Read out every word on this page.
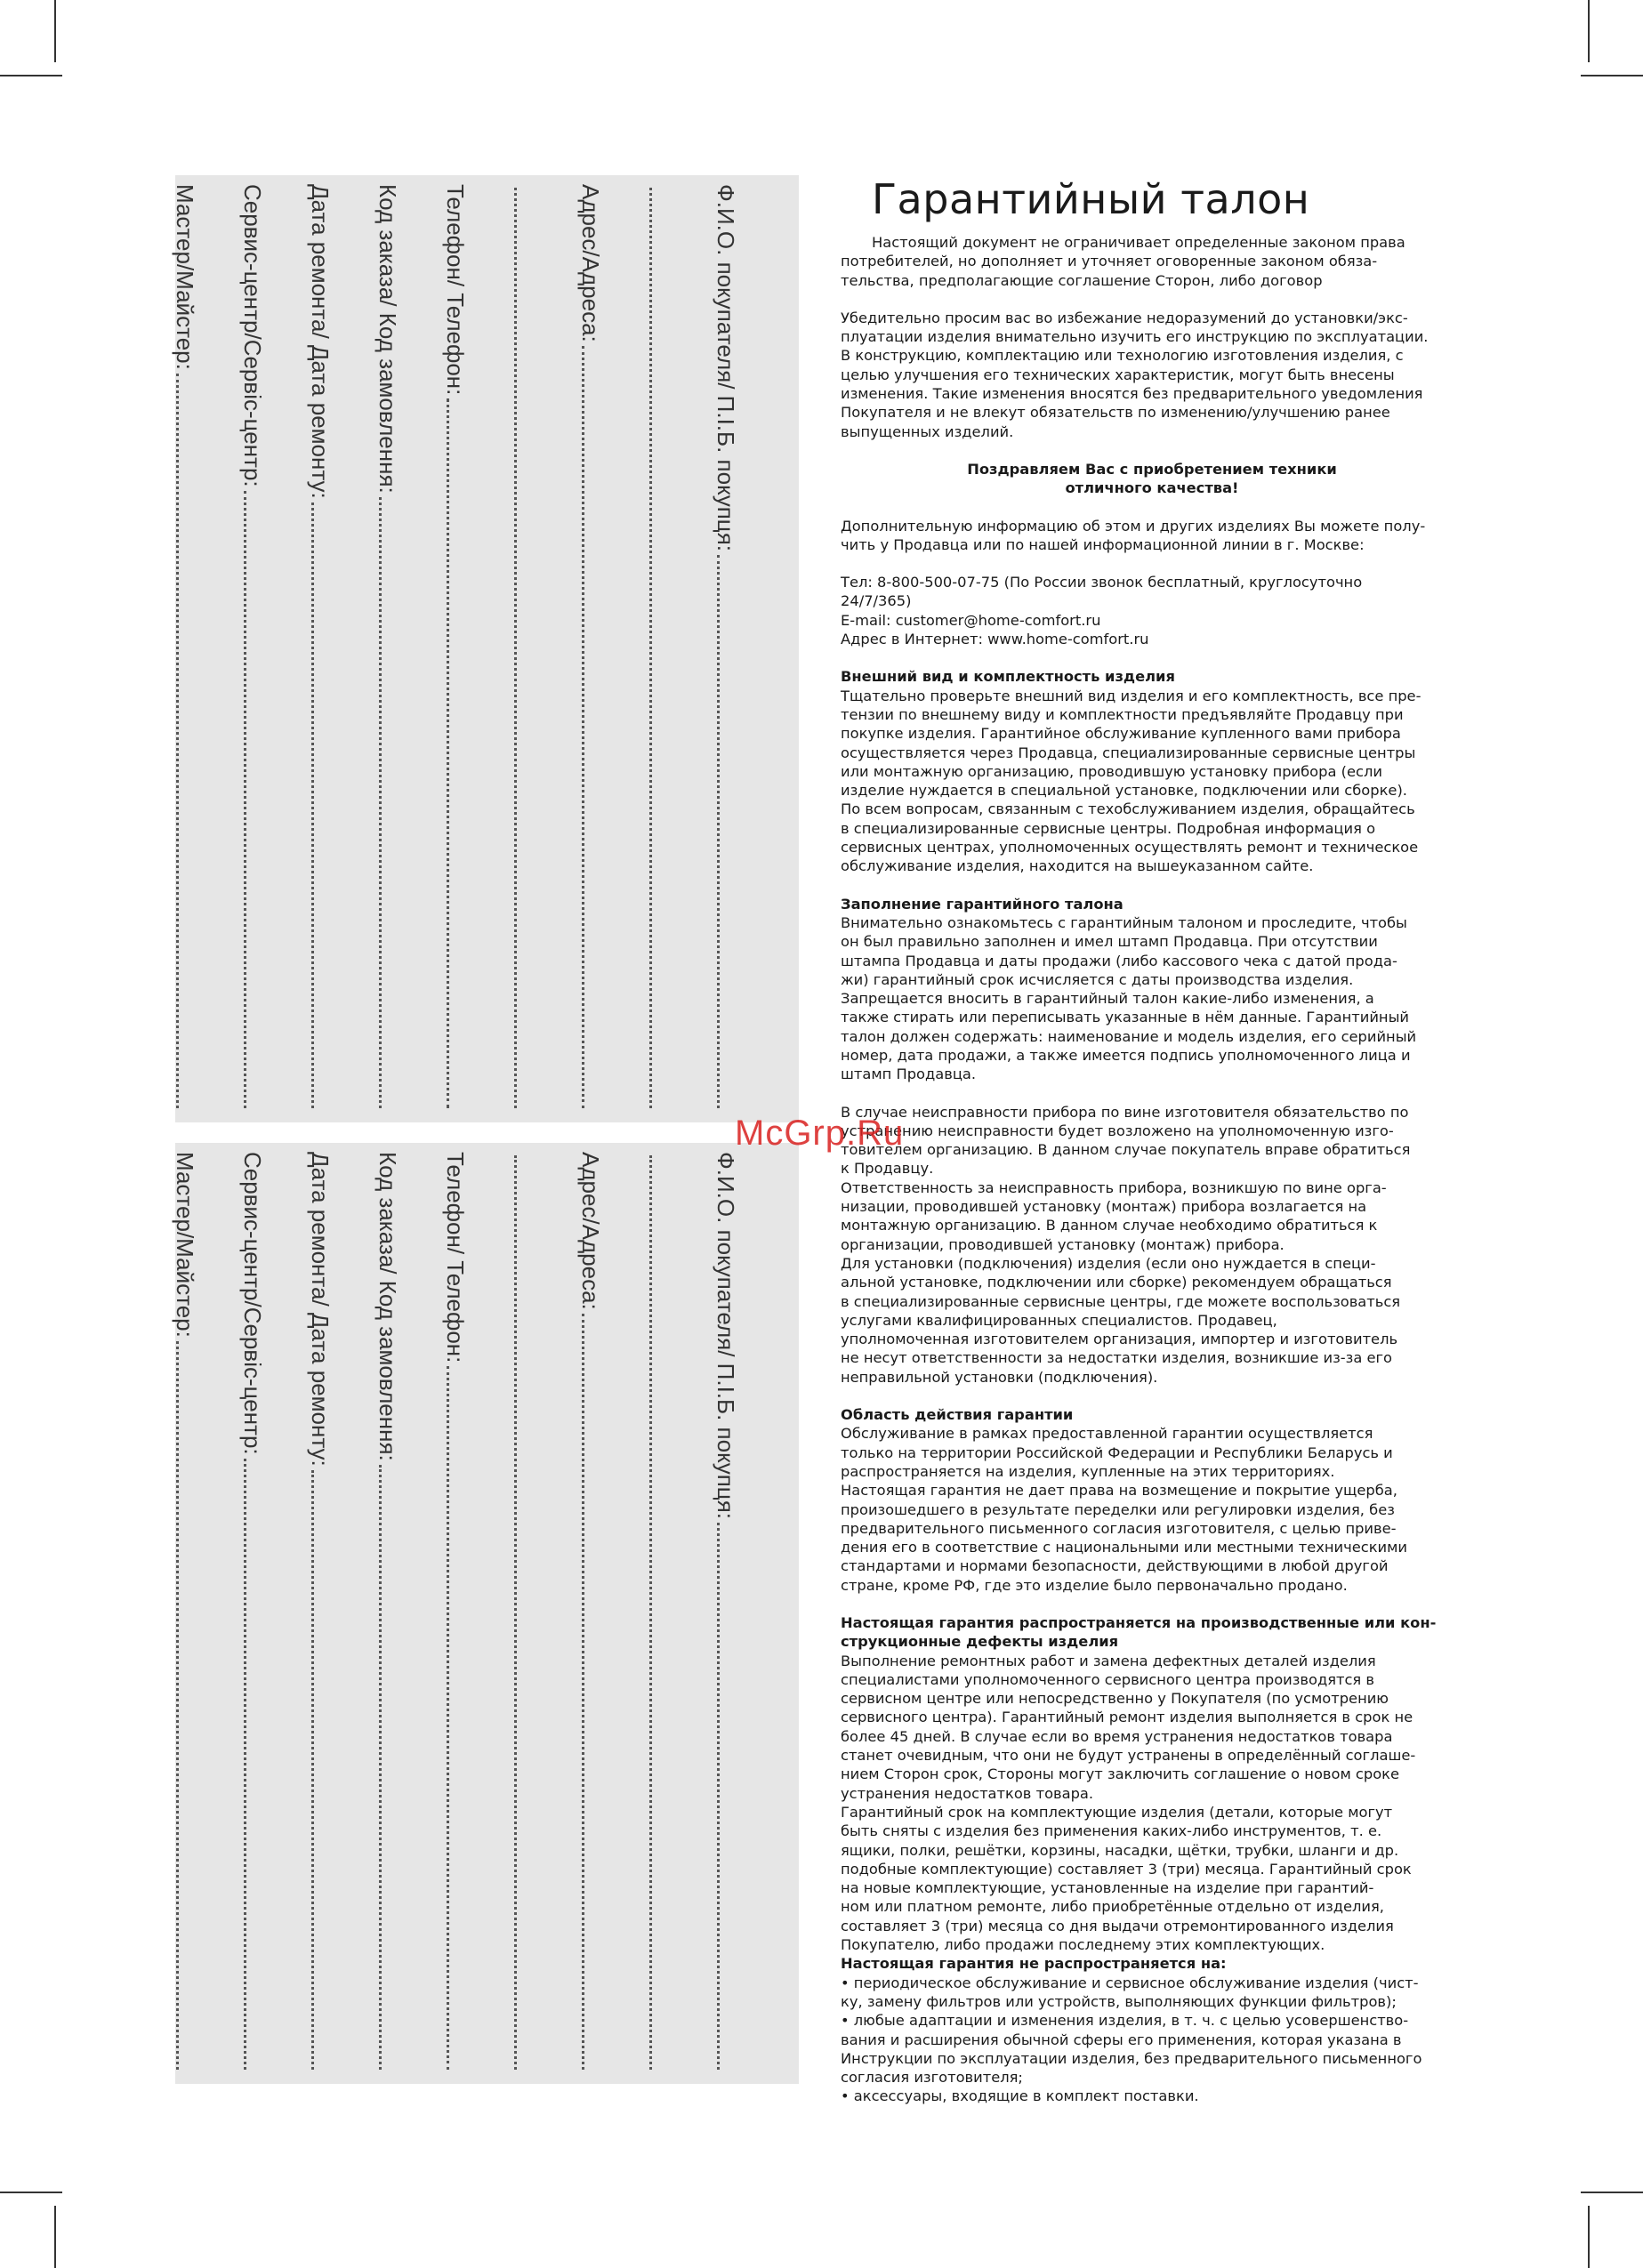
Ф.И.О. покупателя/ П.І.Б. покупця:
Адрес/Адреса:
Телефон/ Телефон:
Код заказа/ Код замовлення:
Дата ремонта/ Дата ремонту:
Сервис-центр/Сервіс-центр:
Мастер/Майстер:
Ф.И.О. покупателя/ П.І.Б. покупця:
Адрес/Адреса:
Телефон/ Телефон:
Код заказа/ Код замовлення:
Дата ремонта/ Дата ремонту:
Сервис-центр/Сервіс-центр:
Мастер/Майстер:
Гарантийный талон

Настоящий документ не ограничивает определенные законом права
потребителей, но дополняет и уточняет оговоренные законом обяза-
тельства, предполагающие соглашение Сторон, либо договор

Убедительно просим вас во избежание недоразумений до установки/экс-
плуатации изделия внимательно изучить его инструкцию по эксплуатации.
В конструкцию, комплектацию или технологию изготовления изделия, с
целью улучшения его технических характеристик, могут быть внесены
изменения. Такие изменения вносятся без предварительного уведомления
Покупателя и не влекут обязательств по изменению/улучшению ранее
выпущенных изделий.

Поздравляем Вас с приобретением техники
отличного качества!

Дополнительную информацию об этом и других изделиях Вы можете полу-
чить у Продавца или по нашей информационной линии в г. Москве:

Тел: 8-800-500-07-75 (По России звонок бесплатный, круглосуточно
24/7/365)
E-mail: customer@home-comfort.ru
Адрес в Интернет: www.home-comfort.ru

Внешний вид и комплектность изделия

Тщательно проверьте внешний вид изделия и его комплектность, все пре-
тензии по внешнему виду и комплектности предъявляйте Продавцу при
покупке изделия. Гарантийное обслуживание купленного вами прибора
осуществляется через Продавца, специализированные сервисные центры
или монтажную организацию, проводившую установку прибора (если
изделие нуждается в специальной установке, подключении или сборке).
По всем вопросам, связанным с техобслуживанием изделия, обращайтесь
в специализированные сервисные центры. Подробная информация о
сервисных центрах, уполномоченных осуществлять ремонт и техническое
обслуживание изделия, находится на вышеуказанном сайте.

Заполнение гарантийного талона

Внимательно ознакомьтесь с гарантийным талоном и проследите, чтобы
он был правильно заполнен и имел штамп Продавца. При отсутствии
штампа Продавца и даты продажи (либо кассового чека с датой прода-
жи) гарантийный срок исчисляется с даты производства изделия.
Запрещается вносить в гарантийный талон какие-либо изменения, а
также стирать или переписывать указанные в нём данные. Гарантийный
талон должен содержать: наименование и модель изделия, его серийный
номер, дата продажи, а также имеется подпись уполномоченного лица и
штамп Продавца.

В случае неисправности прибора по вине изготовителя обязательство по
устранению неисправности будет возложено на уполномоченную изго-
товителем организацию. В данном случае покупатель вправе обратиться
к Продавцу.
Ответственность за неисправность прибора, возникшую по вине орга-
низации, проводившей установку (монтаж) прибора возлагается на
монтажную организацию. В данном случае необходимо обратиться к
организации, проводившей установку (монтаж) прибора.
Для установки (подключения) изделия (если оно нуждается в специ-
альной установке, подключении или сборке) рекомендуем обращаться
в специализированные сервисные центры, где можете воспользоваться
услугами квалифицированных специалистов. Продавец,
уполномоченная изготовителем организация, импортер и изготовитель
не несут ответственности за недостатки изделия, возникшие из-за его
неправильной установки (подключения).

Область действия гарантии

Обслуживание в рамках предоставленной гарантии осуществляется
только на территории Российской Федерации и Республики Беларусь и
распространяется на изделия, купленные на этих территориях.
Настоящая гарантия не дает права на возмещение и покрытие ущерба,
произошедшего в результате переделки или регулировки изделия, без
предварительного письменного согласия изготовителя, с целью приве-
дения его в соответствие с национальными или местными техническими
стандартами и нормами безопасности, действующими в любой другой
стране, кроме РФ, где это изделие было первоначально продано.

Настоящая гарантия распространяется на производственные или кон-
струкционные дефекты изделия

Выполнение ремонтных работ и замена дефектных деталей изделия
специалистами уполномоченного сервисного центра производятся в
сервисном центре или непосредственно у Покупателя (по усмотрению
сервисного центра). Гарантийный ремонт изделия выполняется в срок не
более 45 дней. В случае если во время устранения недостатков товара
станет очевидным, что они не будут устранены в определённый соглаше-
нием Сторон срок, Стороны могут заключить соглашение о новом сроке
устранения недостатков товара.
Гарантийный срок на комплектующие изделия (детали, которые могут
быть сняты с изделия без применения каких-либо инструментов, т. е.
ящики, полки, решётки, корзины, насадки, щётки, трубки, шланги и др.
подобные комплектующие) составляет 3 (три) месяца. Гарантийный срок
на новые комплектующие, установленные на изделие при гарантий-
ном или платном ремонте, либо приобретённые отдельно от изделия,
составляет 3 (три) месяца со дня выдачи отремонтированного изделия
Покупателю, либо продажи последнему этих комплектующих.

Настоящая гарантия не распространяется на:

• периодическое обслуживание и сервисное обслуживание изделия (чист-
ку, замену фильтров или устройств, выполняющих функции фильтров);
• любые адаптации и изменения изделия, в т. ч. с целью усовершенство-
вания и расширения обычной сферы его применения, которая указана в
Инструкции по эксплуатации изделия, без предварительного письменного
согласия изготовителя;
• аксессуары, входящие в комплект поставки.

McGrp.Ru
